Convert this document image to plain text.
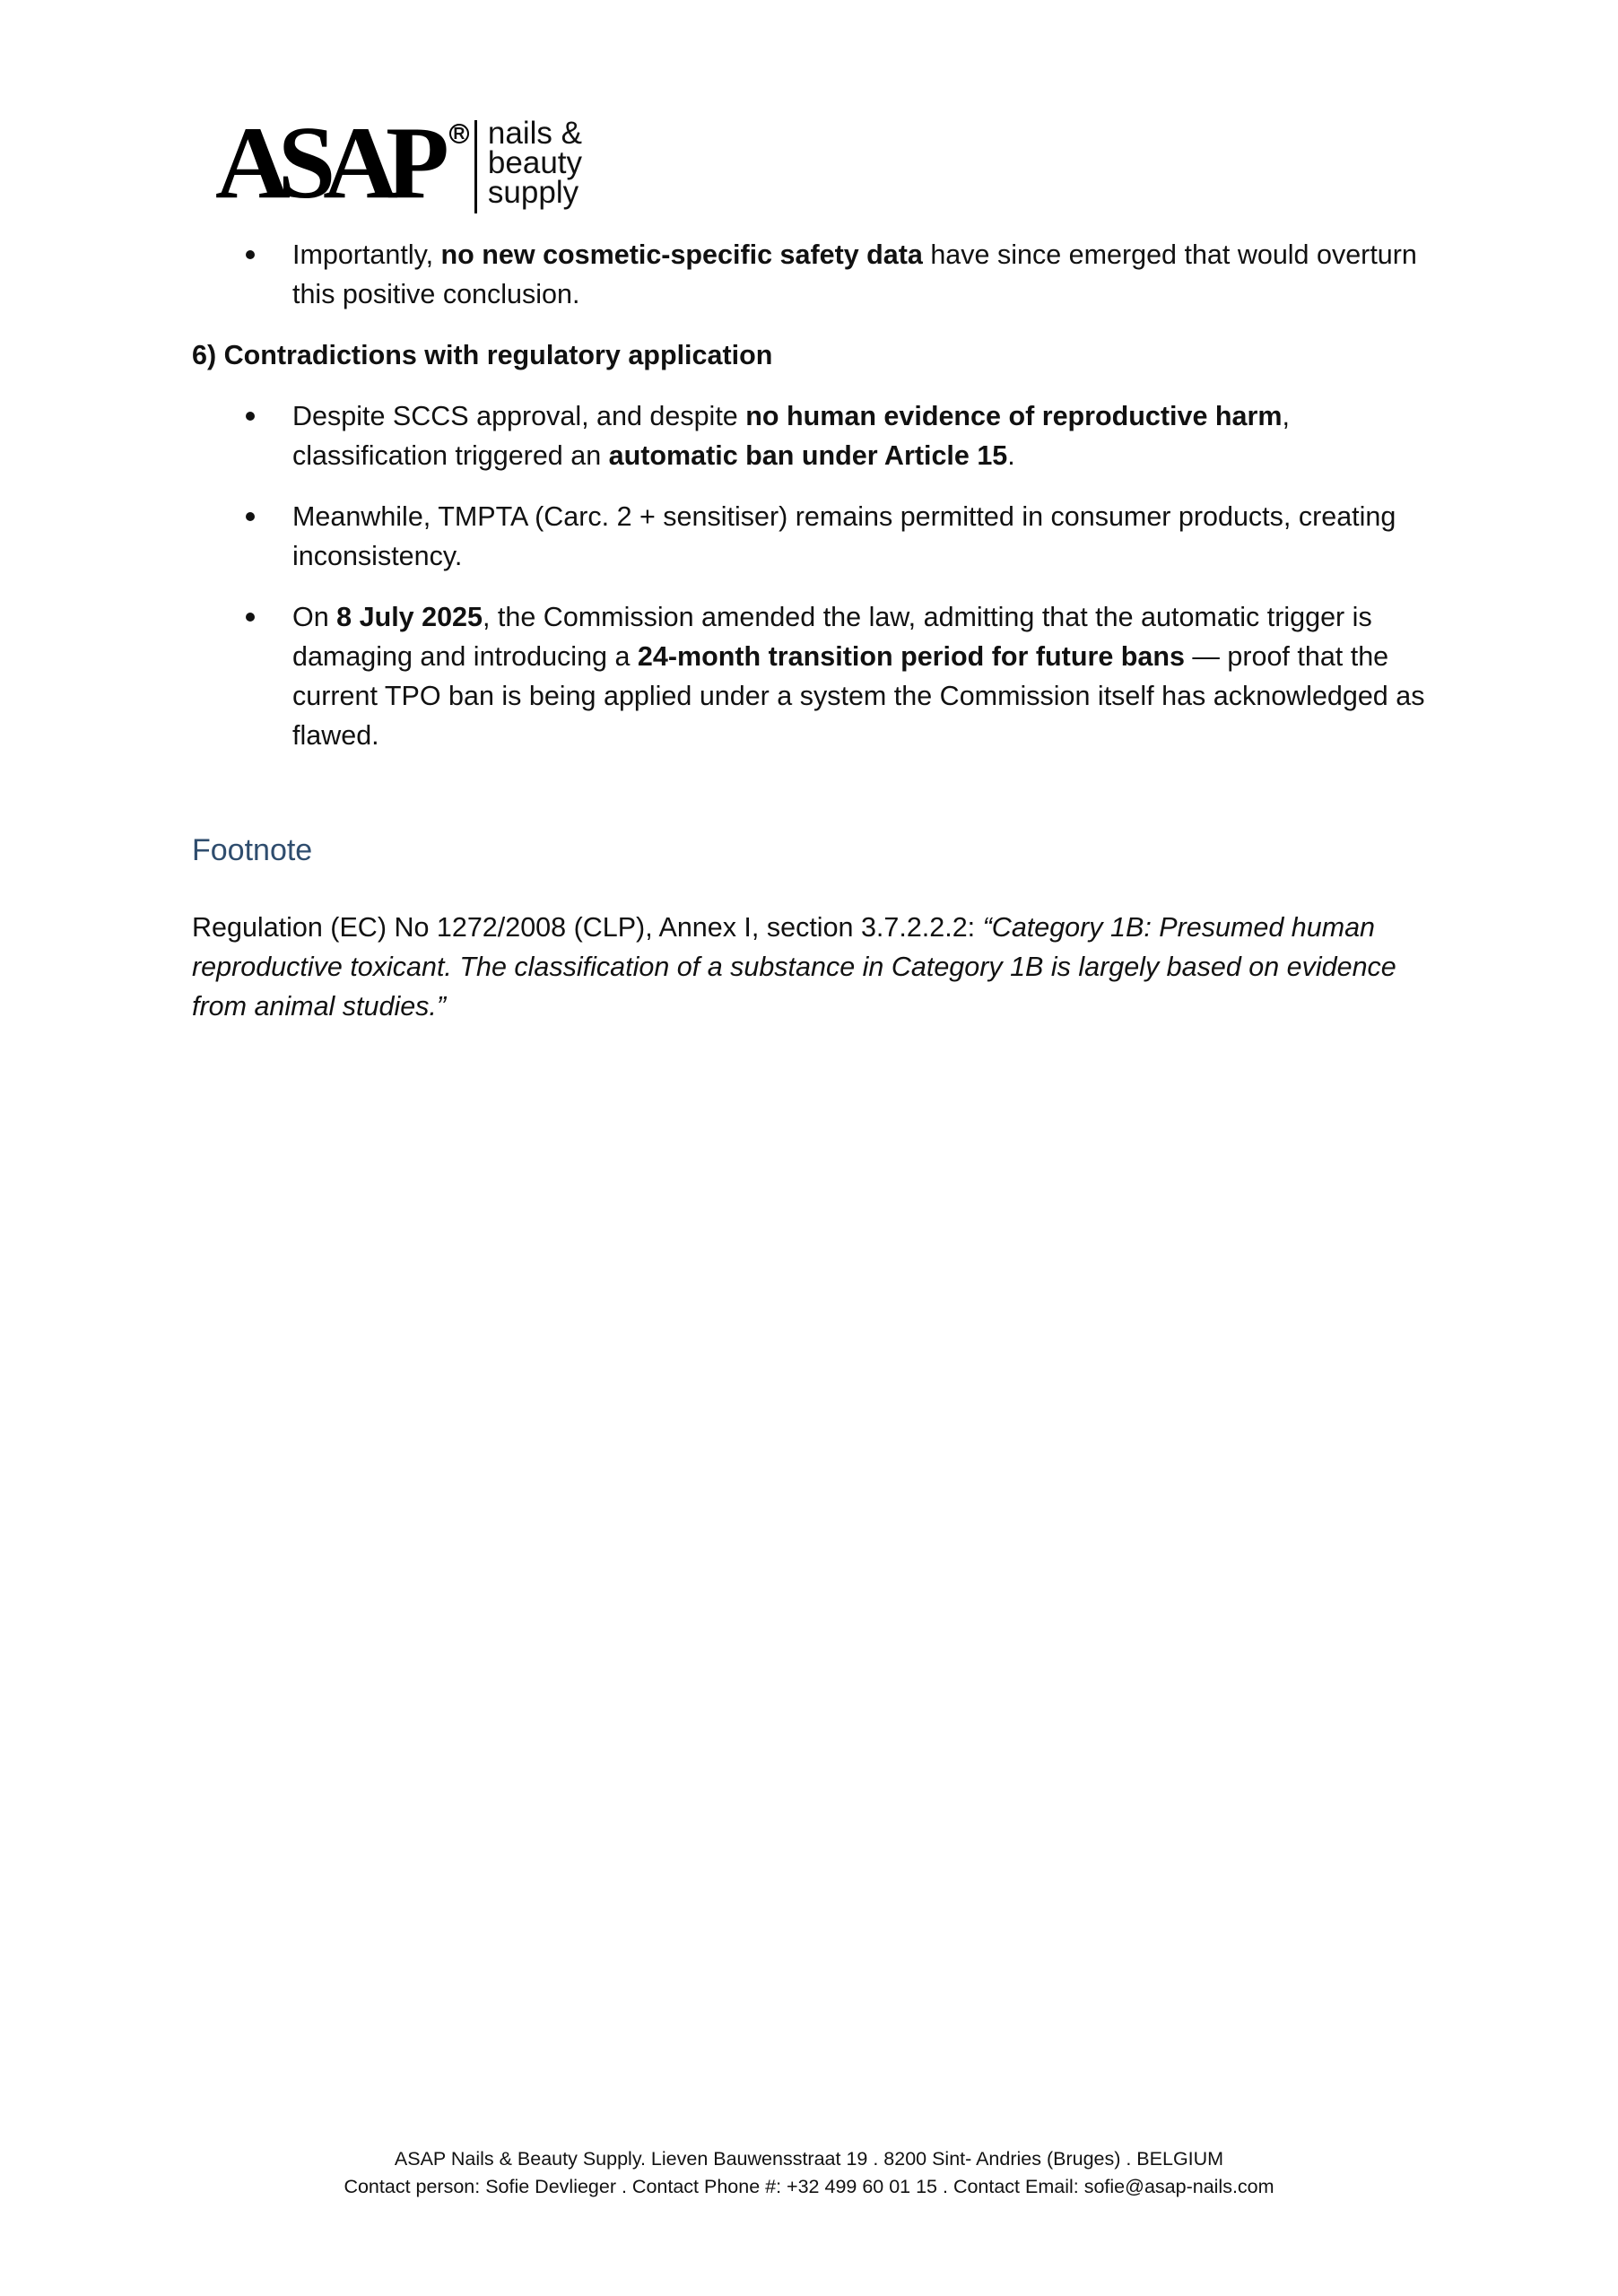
ASAP R nails &
beauty
supply
Importantly, no new cosmetic-specific safety data have since emerged that would overturn this positive conclusion.
6) Contradictions with regulatory application
Despite SCCS approval, and despite no human evidence of reproductive harm, classification triggered an automatic ban under Article 15.
Meanwhile, TMPTA (Carc. 2 + sensitiser) remains permitted in consumer products, creating inconsistency.
On 8 July 2025, the Commission amended the law, admitting that the automatic trigger is damaging and introducing a 24-month transition period for future bans — proof that the current TPO ban is being applied under a system the Commission itself has acknowledged as flawed.
Footnote
Regulation (EC) No 1272/2008 (CLP), Annex I, section 3.7.2.2.2: “Category 1B: Presumed human reproductive toxicant. The classification of a substance in Category 1B is largely based on evidence from animal studies.”
ASAP Nails & Beauty Supply. Lieven Bauwensstraat 19 . 8200 Sint- Andries (Bruges) . BELGIUM
Contact person: Sofie Devlieger . Contact Phone #: +32 499 60 01 15 . Contact Email: sofie@asap-nails.com
